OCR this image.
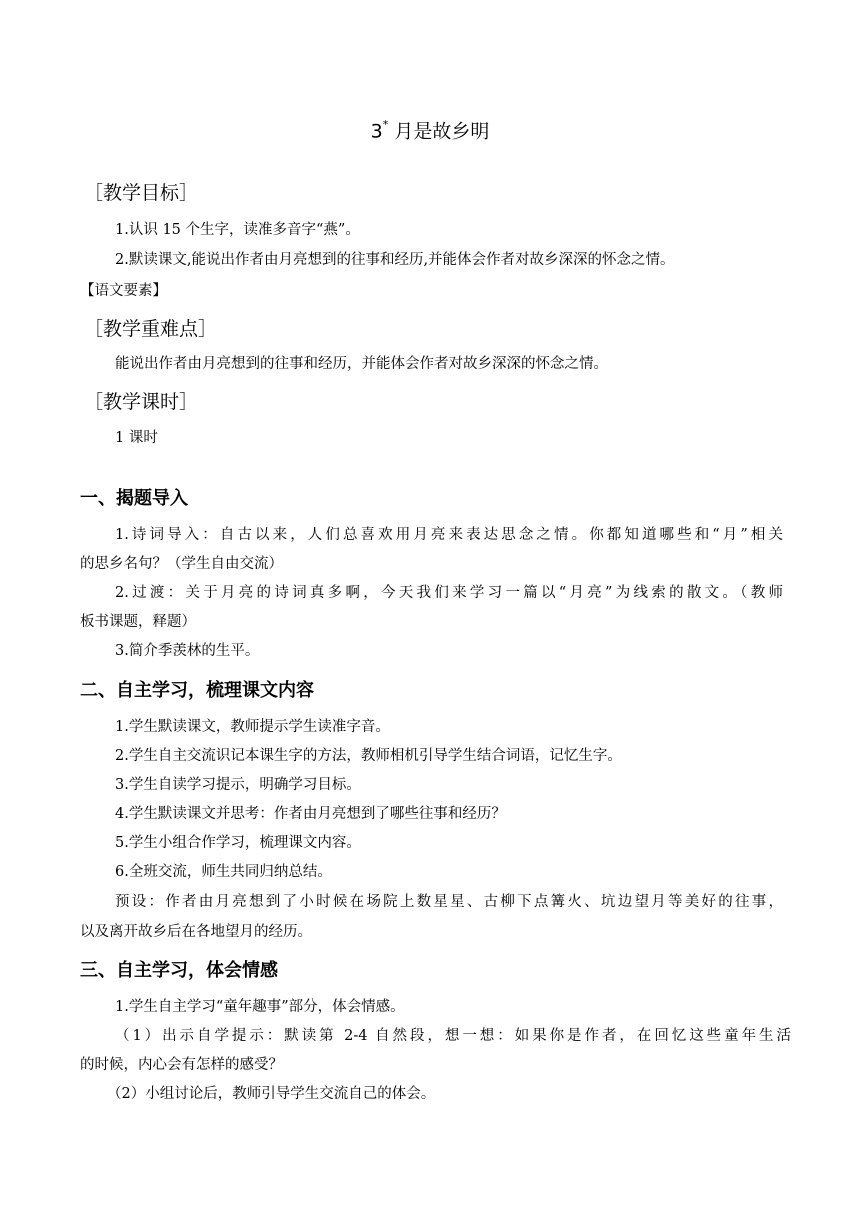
3* 月是故乡明
［教学目标］
1.认识 15 个生字，读准多音字“燕”。
2.默读课文,能说出作者由月亮想到的往事和经历,并能体会作者对故乡深深的怀念之情。
【语文要素】
［教学重难点］
能说出作者由月亮想到的往事和经历，并能体会作者对故乡深深的怀念之情。
［教学课时］
1 课时
一、揭题导入
1.诗词导入：自古以来，人们总喜欢用月亮来表达思念之情。你都知道哪些和“月”相关
的思乡名句？（学生自由交流）
2.过渡：关于月亮的诗词真多啊，今天我们来学习一篇以“月亮”为线索的散文。（教师
板书课题，释题）
3.简介季羡林的生平。
二、自主学习，梳理课文内容
1.学生默读课文，教师提示学生读准字音。
2.学生自主交流识记本课生字的方法，教师相机引导学生结合词语，记忆生字。
3.学生自读学习提示，明确学习目标。
4.学生默读课文并思考：作者由月亮想到了哪些往事和经历？
5.学生小组合作学习，梳理课文内容。
6.全班交流，师生共同归纳总结。
预设：作者由月亮想到了小时候在场院上数星星、古柳下点篝火、坑边望月等美好的往事，
以及离开故乡后在各地望月的经历。
三、自主学习，体会情感
1.学生自主学习“童年趣事”部分，体会情感。
（1）出示自学提示：默读第 2-4 自然段，想一想：如果你是作者，在回忆这些童年生活
的时候，内心会有怎样的感受？
（2）小组讨论后，教师引导学生交流自己的体会。
